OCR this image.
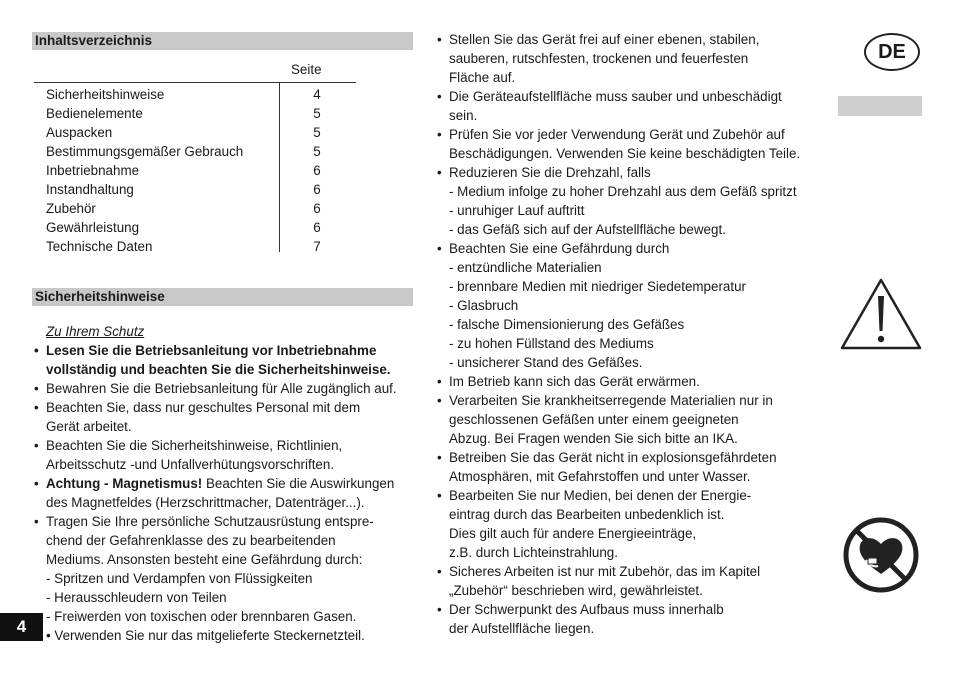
Inhaltsverzeichnis
Seite
Sicherheitshinweise	4
Bedienelemente	5
Auspacken	5
Bestimmungsgemäßer Gebrauch	5
Inbetriebnahme	6
Instandhaltung	6
Zubehör	6
Gewährleistung	6
Technische Daten	7
Sicherheitshinweise
Zu Ihrem Schutz
• Lesen Sie die Betriebsanleitung vor Inbetriebnahme
vollständig und beachten Sie die Sicherheitshinweise.
• Bewahren Sie die Betriebsanleitung für Alle zugänglich auf.
• Beachten Sie, dass nur geschultes Personal mit dem
Gerät arbeitet.
• Beachten Sie die Sicherheitshinweise, Richtlinien,
Arbeitsschutz -und Unfallverhütungsvorschriften.
• Achtung - Magnetismus! Beachten Sie die Auswirkungen
des Magnetfeldes (Herzschrittmacher, Datenträger...).
• Tragen Sie Ihre persönliche Schutzausrüstung entspre-
chend der Gefahrenklasse des zu bearbeitenden
Mediums. Ansonsten besteht eine Gefährdung durch:
- Spritzen und Verdampfen von Flüssigkeiten
- Herausschleudern von Teilen
- Freiwerden von toxischen oder brennbaren Gasen.
• Verwenden Sie nur das mitgelieferte Steckernetzteil.
• Stellen Sie das Gerät frei auf einer ebenen, stabilen,
sauberen, rutschfesten, trockenen und feuerfesten
Fläche auf.
• Die Geräteaufstellfläche muss sauber und unbeschädigt
sein.
• Prüfen Sie vor jeder Verwendung Gerät und Zubehör auf
Beschädigungen. Verwenden Sie keine beschädigten Teile.
• Reduzieren Sie die Drehzahl, falls
- Medium infolge zu hoher Drehzahl aus dem Gefäß spritzt
- unruhiger Lauf auftritt
- das Gefäß sich auf der Aufstellfläche bewegt.
• Beachten Sie eine Gefährdung durch
- entzündliche Materialien
- brennbare Medien mit niedriger Siedetemperatur
- Glasbruch
- falsche Dimensionierung des Gefäßes
- zu hohen Füllstand des Mediums
- unsicherer Stand des Gefäßes.
• Im Betrieb kann sich das Gerät erwärmen.
• Verarbeiten Sie krankheitserregende Materialien nur in
geschlossenen Gefäßen unter einem geeigneten
Abzug. Bei Fragen wenden Sie sich bitte an IKA.
• Betreiben Sie das Gerät nicht in explosionsgefährdeten
Atmosphären, mit Gefahrstoffen und unter Wasser.
• Bearbeiten Sie nur Medien, bei denen der Energie-
eintrag durch das Bearbeiten unbedenklich ist.
Dies gilt auch für andere Energieeinträge,
z.B. durch Lichteinstrahlung.
• Sicheres Arbeiten ist nur mit Zubehör, das im Kapitel
„Zubehör“ beschrieben wird, gewährleistet.
• Der Schwerpunkt des Aufbaus muss innerhalb
der Aufstellfläche liegen.
DE
4
